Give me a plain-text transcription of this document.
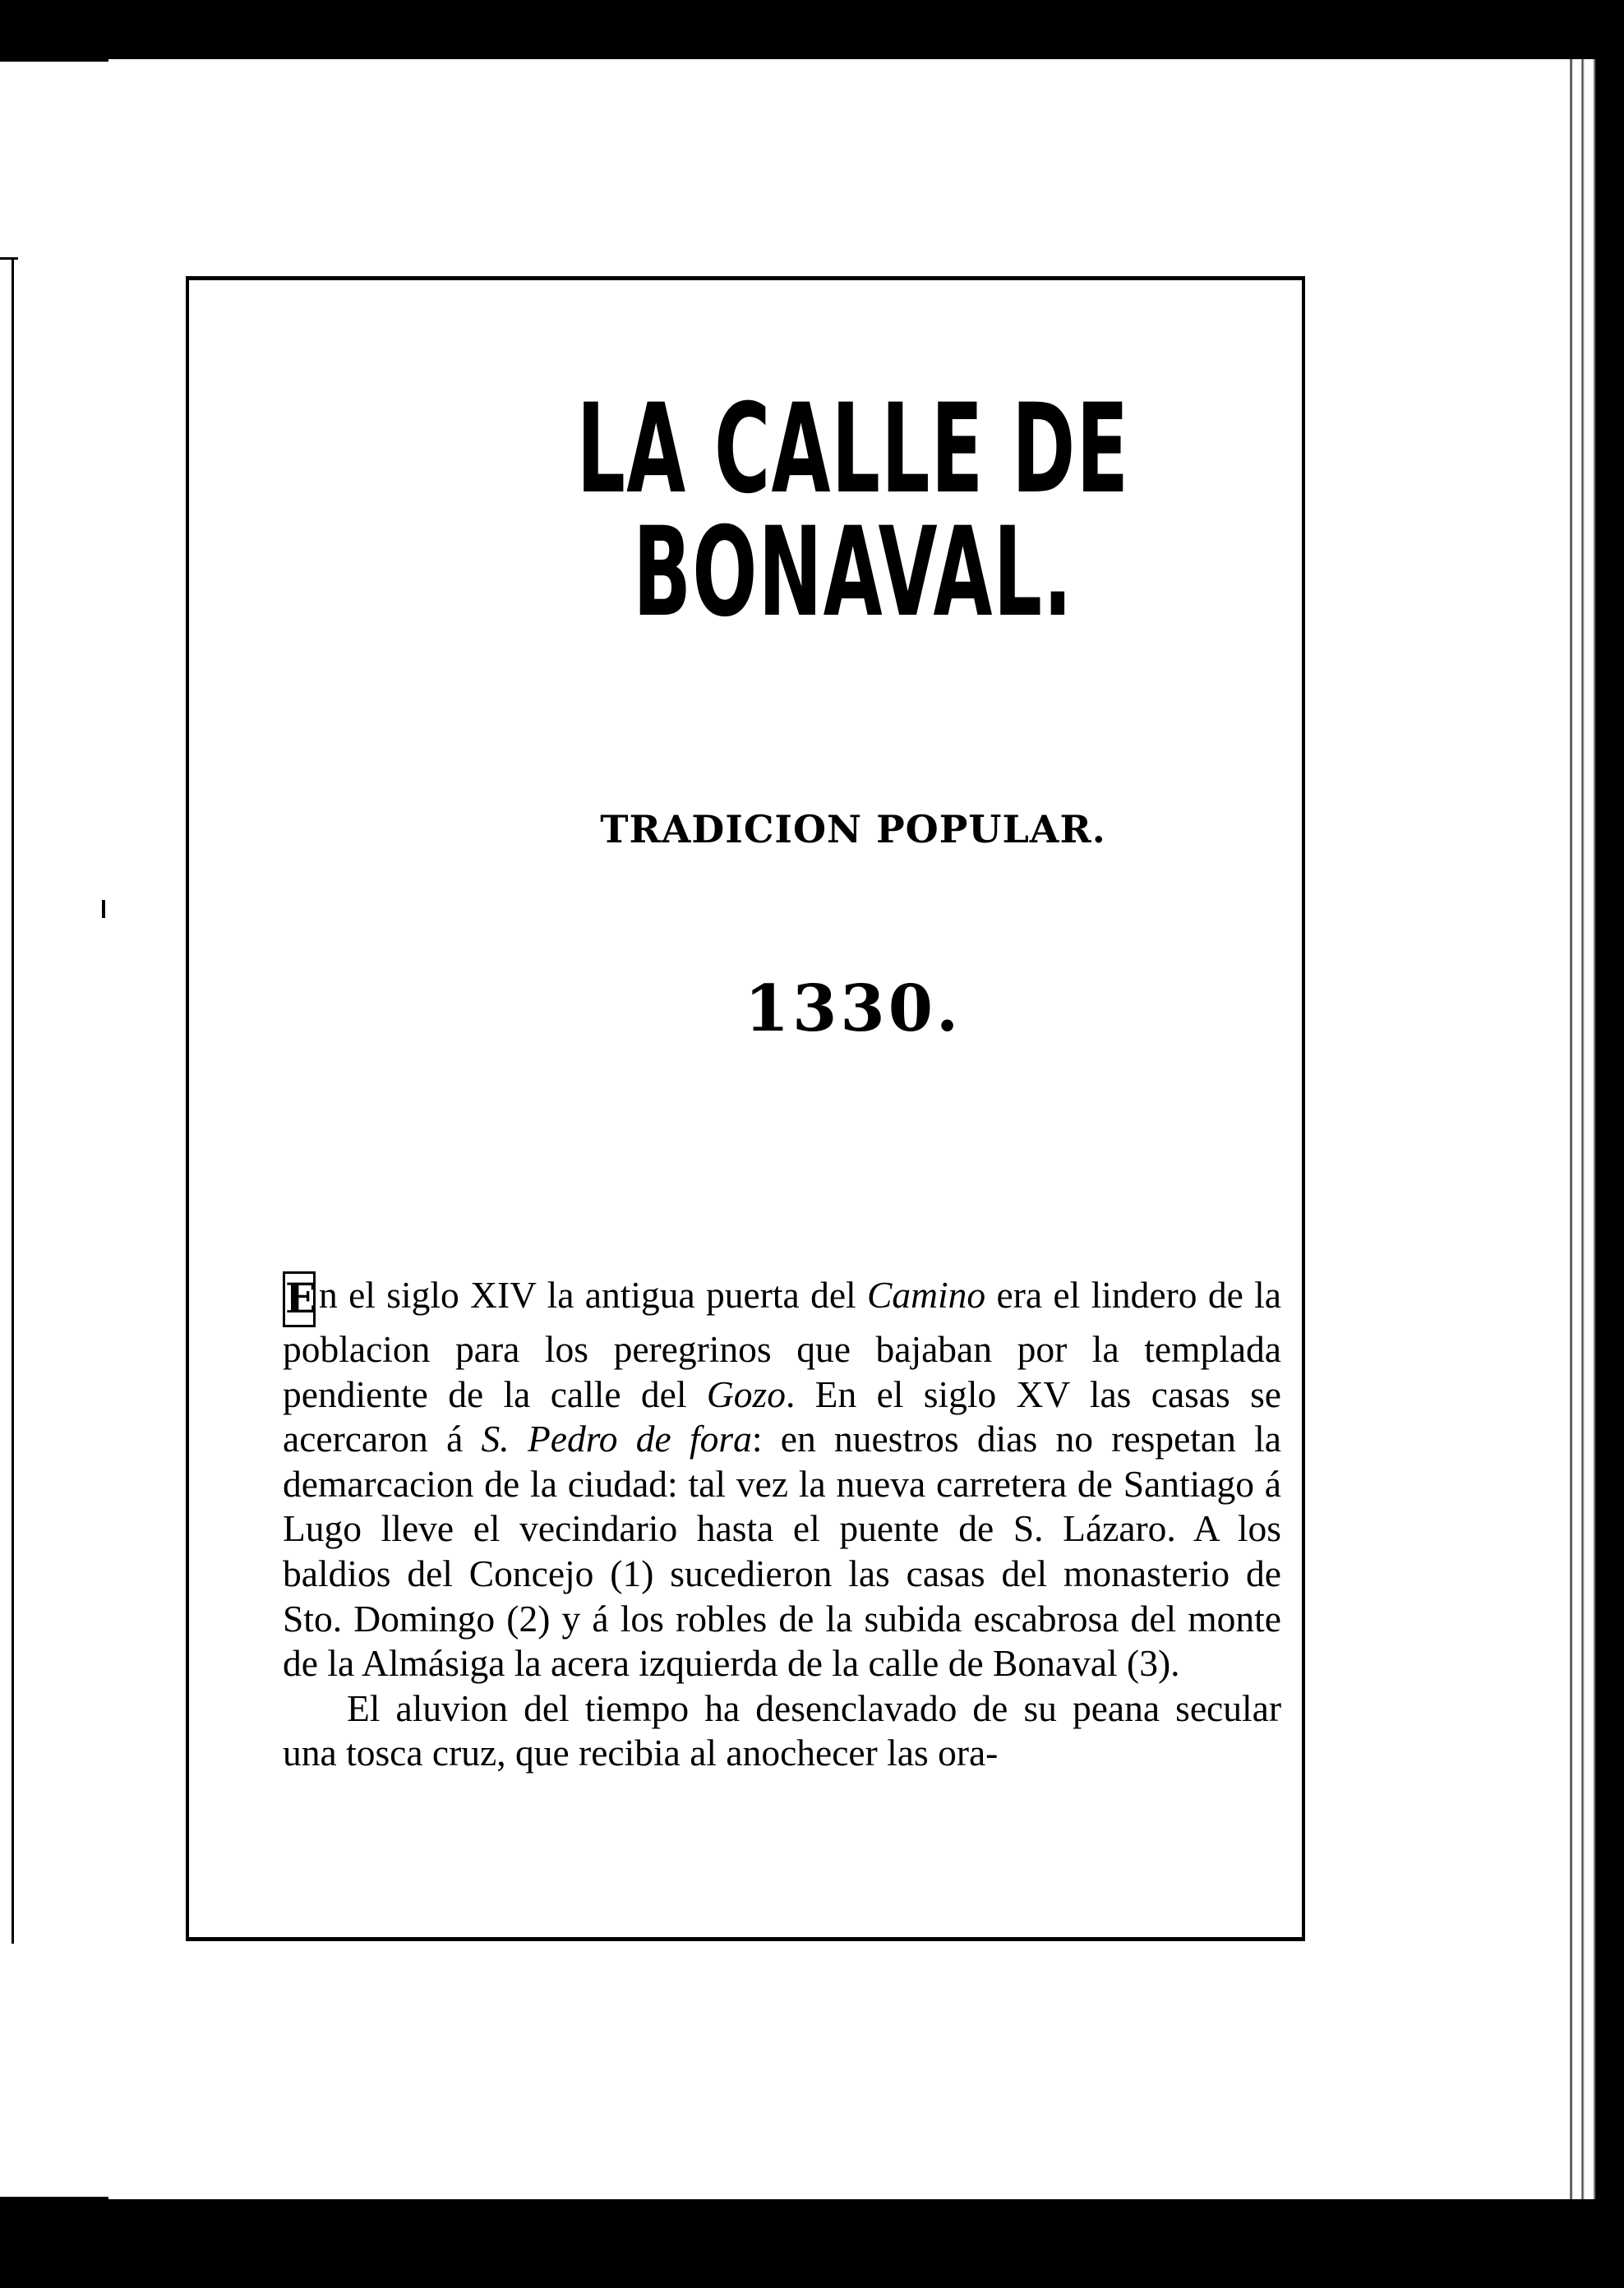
LA CALLE DE BONAVAL.
TRADICION POPULAR.
1330.

En el siglo XIV la antigua puerta del Camino era el lindero de la poblacion para los peregrinos que bajaban por la templada pendiente de la calle del Gozo. En el siglo XV las casas se acercaron á S. Pedro de fora: en nuestros dias no respetan la demarcacion de la ciudad: tal vez la nueva carretera de Santiago á Lugo lleve el vecindario hasta el puente de S. Lázaro. A los baldios del Concejo (1) sucedieron las casas del monasterio de Sto. Domingo (2) y á los robles de la subida escabrosa del monte de la Almásiga la acera izquierda de la calle de Bonaval (3).

El aluvion del tiempo ha desenclavado de su peana secular una tosca cruz, que recibia al anochecer las ora-
